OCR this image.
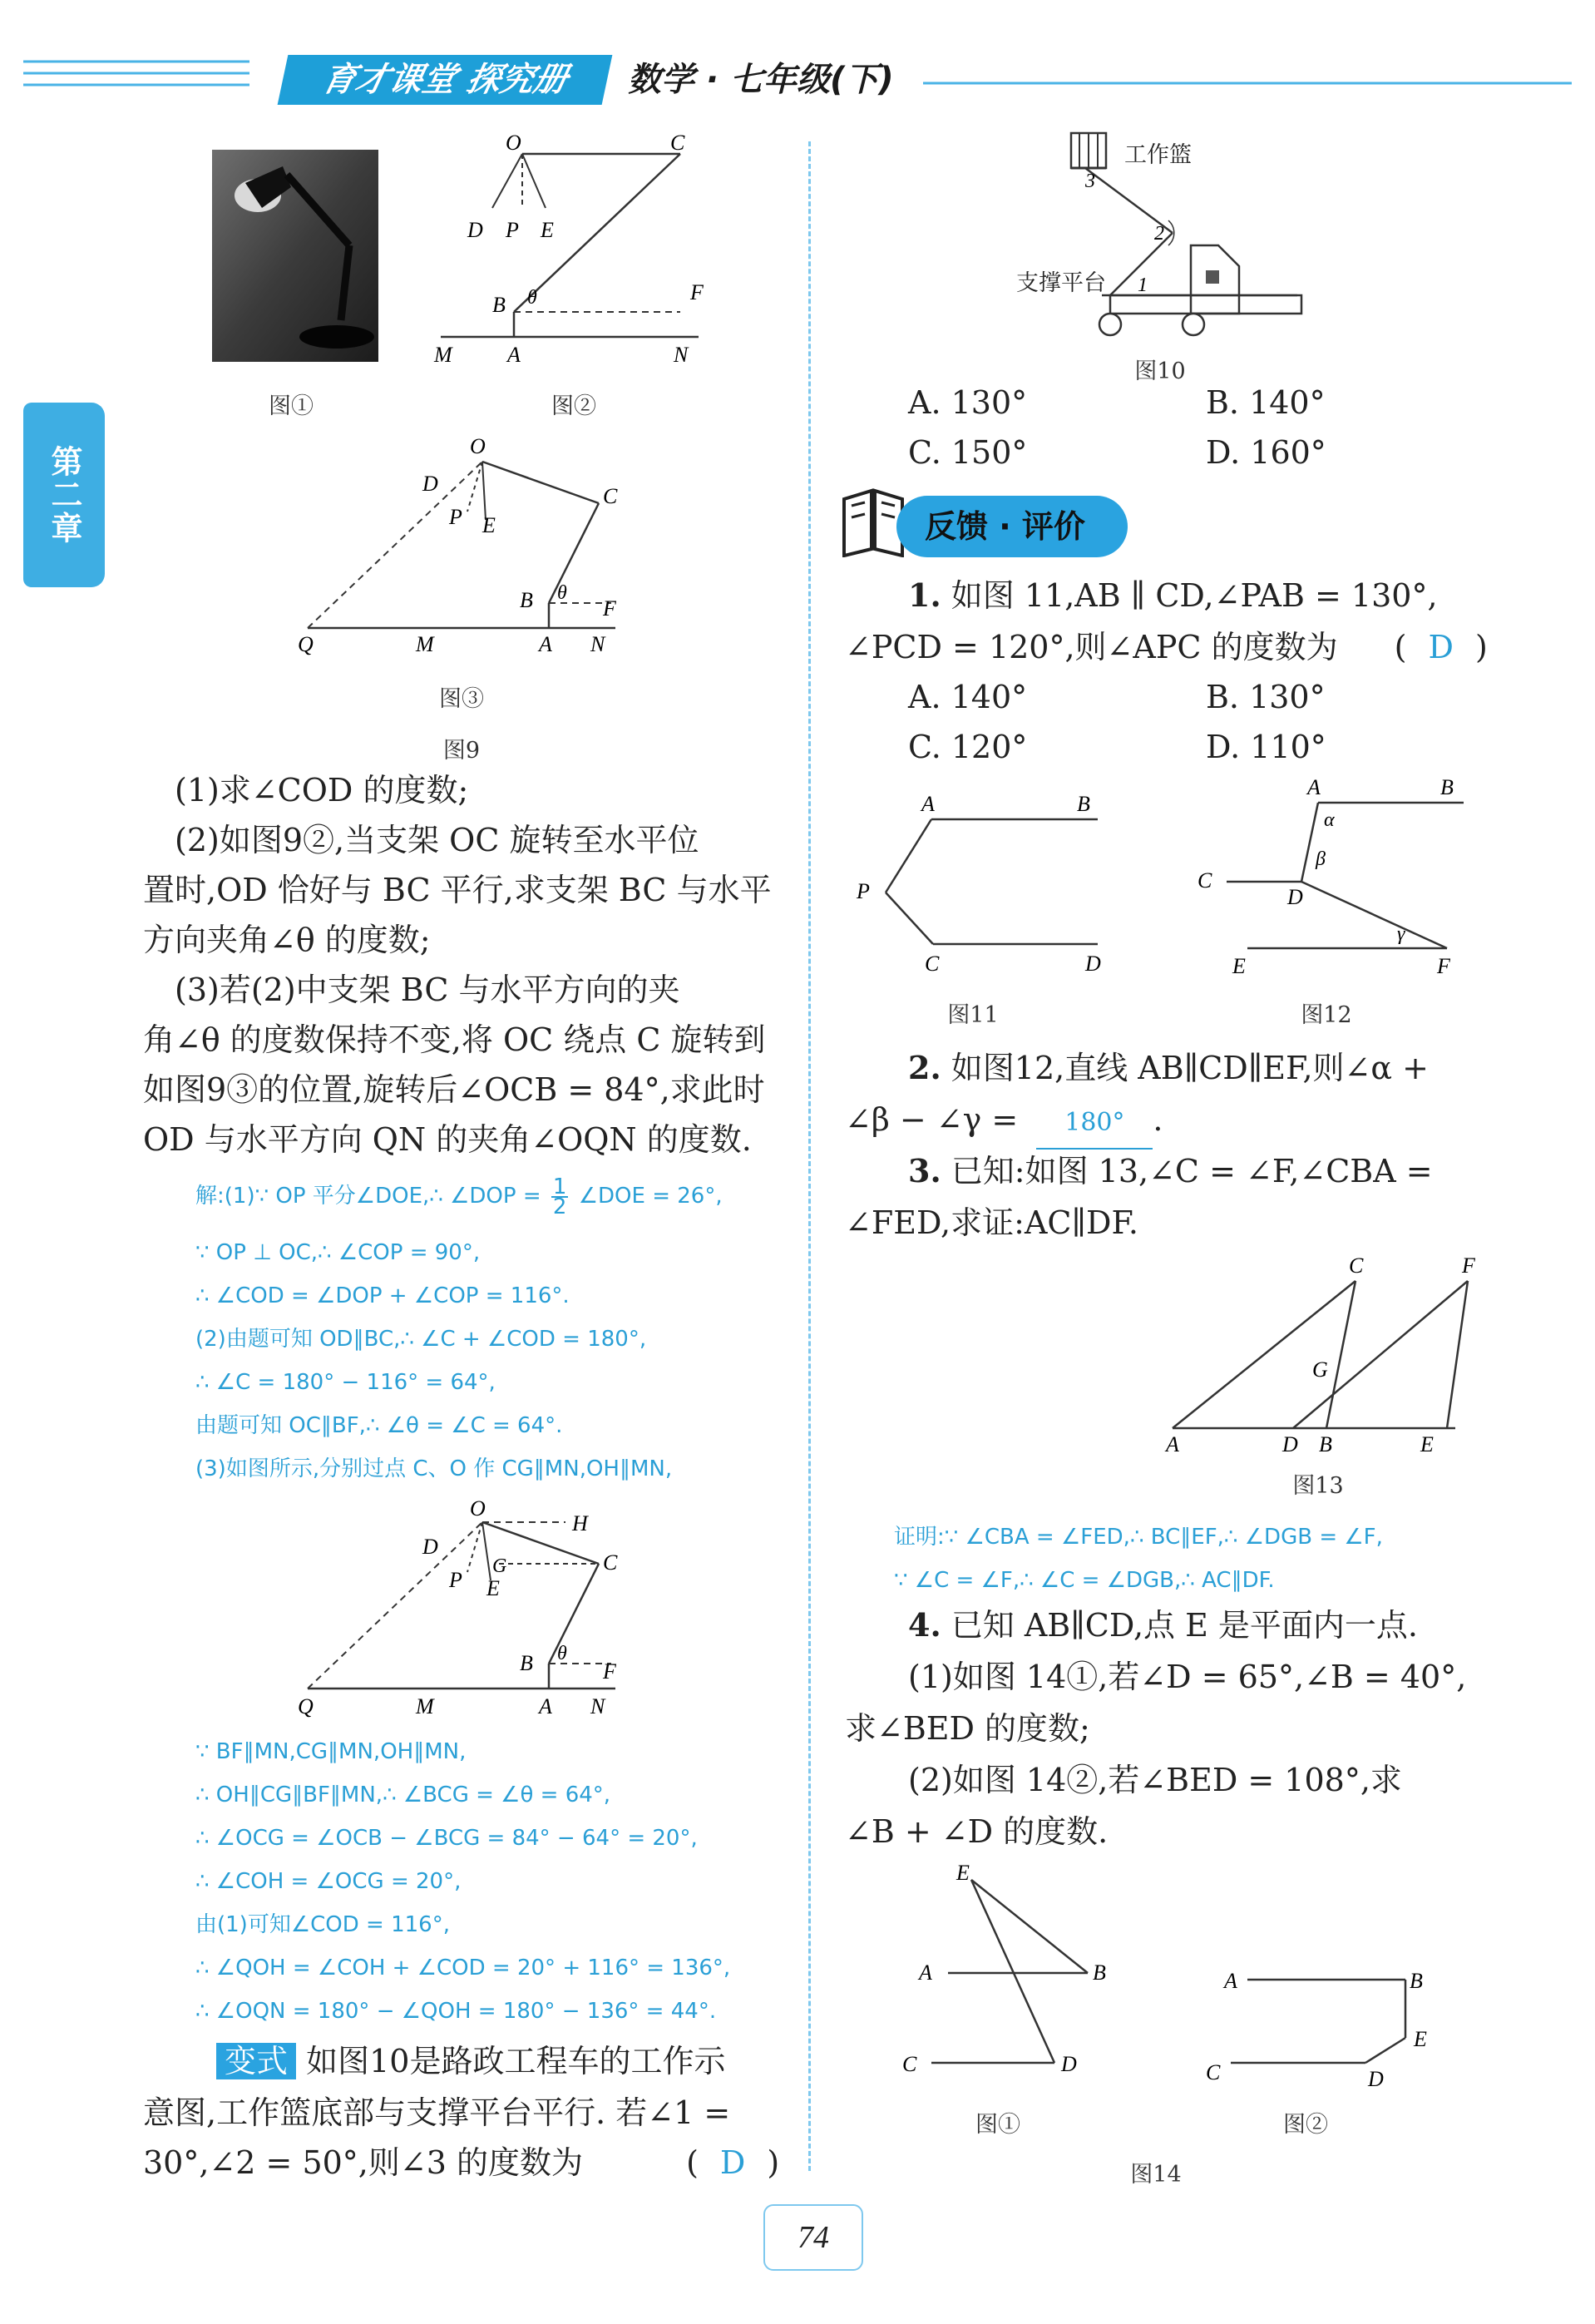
育才课堂 探究册	数学 · 七年级(下)
第二章
O	C
D P E
B θ	F
M	A	N
图①	图②
O
D
P E
C
B θ
F
Q	M	A N
图③
图9
(1)求∠COD 的度数;
(2)如图9②,当支架 OC 旋转至水平位
置时,OD 恰好与 BC 平行,求支架 BC 与水平
方向夹角∠θ 的度数;
(3)若(2)中支架 BC 与水平方向的夹
角∠θ 的度数保持不变,将 OC 绕点 C 旋转到
如图9③的位置,旋转后∠OCB = 84°,求此时
OD 与水平方向 QN 的夹角∠OQN 的度数.
解:(1)∵ OP 平分∠DOE,∴ ∠DOP = $\frac{1}{2}$ ∠DOE = 26°,
∵ OP ⊥ OC,∴ ∠COP = 90°,
∴ ∠COD = ∠DOP + ∠COP = 116°.
(2)由题可知 OD∥BC,∴ ∠C + ∠COD = 180°,
∴ ∠C = 180° − 116° = 64°,
由题可知 OC∥BF,∴ ∠θ = ∠C = 64°.
(3)如图所示,分别过点 C、O 作 CG∥MN,OH∥MN,
O
H
D
G
P E
C
B θ
F
Q	M	A N
∵ BF∥MN,CG∥MN,OH∥MN,
∴ OH∥CG∥BF∥MN,∴ ∠BCG = ∠θ = 64°,
∴ ∠OCG = ∠OCB − ∠BCG = 84° − 64° = 20°,
∴ ∠COH = ∠OCG = 20°,
由(1)可知∠COD = 116°,
∴ ∠QOH = ∠COH + ∠COD = 20° + 116° = 136°,
∴ ∠OQN = 180° − ∠QOH = 180° − 136° = 44°.
变式 如图10是路政工程车的工作示
意图,工作篮底部与支撑平台平行. 若∠1 =
30°,∠2 = 50°,则∠3 的度数为	( D )
3
2
1
工作篮
支撑平台
图10
A. 130°	B. 140°
C. 150°	D. 160°
反馈 · 评价
1. 如图 11,AB ∥ CD,∠PAB = 130°,
∠PCD = 120°,则∠APC 的度数为 ( D )
A. 140°	B. 130°
C. 120°	D. 110°
A	B
P
C	D
图11
A	B
α
β
C
D
γ
E	F
图12
2. 如图12,直线 AB∥CD∥EF,则∠α +
∠β − ∠γ = 180° .
3. 已知:如图 13,∠C = ∠F,∠CBA =
∠FED,求证:AC∥DF.
C	F
G
A	D B	E
图13
证明:∵ ∠CBA = ∠FED,∴ BC∥EF,∴ ∠DGB = ∠F,
∵ ∠C = ∠F,∴ ∠C = ∠DGB,∴ AC∥DF.
4. 已知 AB∥CD,点 E 是平面内一点.
(1)如图 14①,若∠D = 65°,∠B = 40°,
求∠BED 的度数;
(2)如图 14②,若∠BED = 108°,求
∠B + ∠D 的度数.
E
A	B
C	D
图①
A	B
E
C	D
图②
图14
74
